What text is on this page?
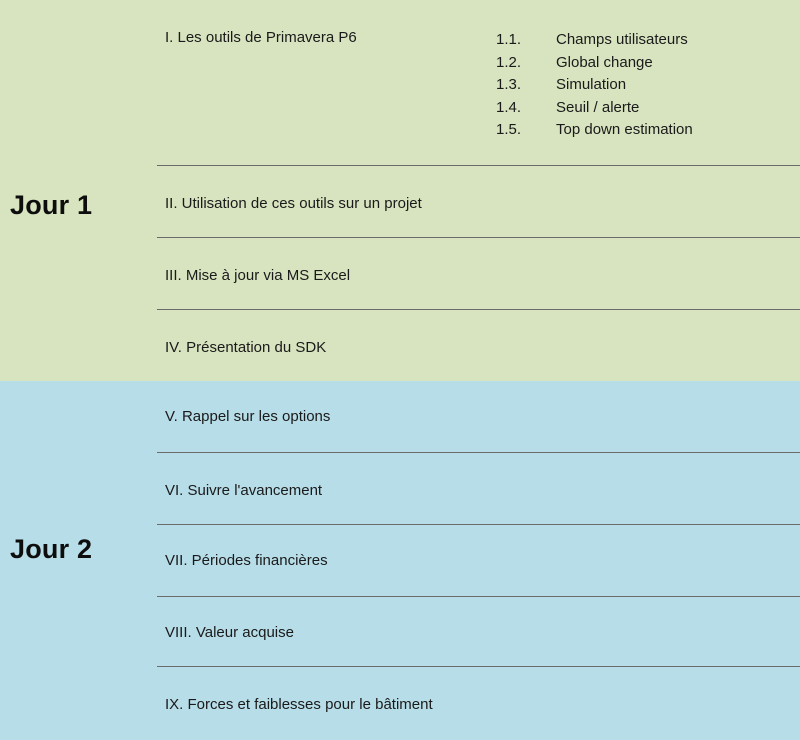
Jour 1
I. Les outils de Primavera P6	1.1. Champs utilisateurs
1.2. Global change
1.3. Simulation
1.4. Seuil / alerte
1.5. Top down estimation
II. Utilisation de ces outils sur un projet
III. Mise à jour via MS Excel
IV. Présentation du SDK
Jour 2
V. Rappel sur les options
VI. Suivre l'avancement
VII. Périodes financières
VIII. Valeur acquise
IX. Forces et faiblesses pour le bâtiment
